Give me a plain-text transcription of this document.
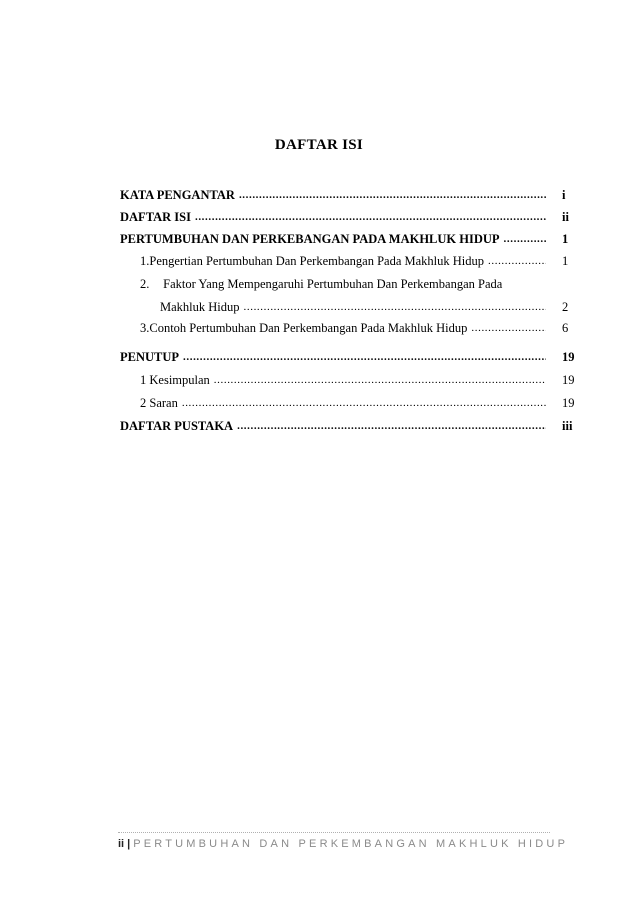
DAFTAR ISI
KATA PENGANTAR .....	i
DAFTAR ISI .....	ii
PERTUMBUHAN DAN PERKEBANGAN PADA MAKHLUK HIDUP .....	1
1. Pengertian Pertumbuhan Dan Perkembangan Pada Makhluk Hidup .....	1
2. Faktor Yang Mempengaruhi Pertumbuhan Dan Perkembangan Pada
Makhluk Hidup .....	2
3. Contoh Pertumbuhan Dan Perkembangan Pada Makhluk Hidup .....	6
PENUTUP .....	19
1 Kesimpulan .....	19
2 Saran .....	19
DAFTAR PUSTAKA .....	iii
ii | PERTUMBUHAN DAN PERKEMBANGAN MAKHLUK HIDUP
